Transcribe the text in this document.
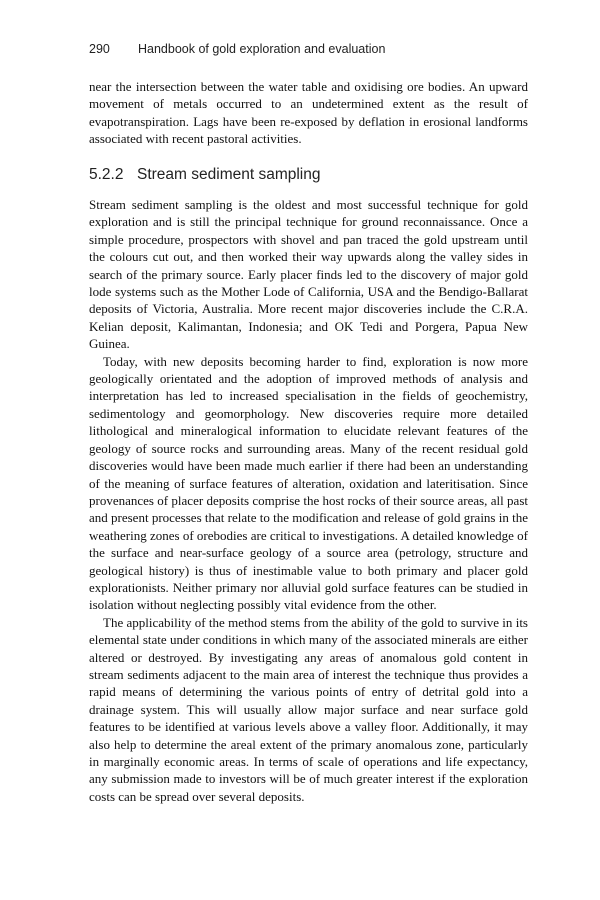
290 Handbook of gold exploration and evaluation
near the intersection between the water table and oxidising ore bodies. An upward movement of metals occurred to an undetermined extent as the result of evapotranspiration. Lags have been re-exposed by deflation in erosional landforms associated with recent pastoral activities.
5.2.2 Stream sediment sampling

Stream sediment sampling is the oldest and most successful technique for gold exploration and is still the principal technique for ground reconnaissance. Once a simple procedure, prospectors with shovel and pan traced the gold upstream until the colours cut out, and then worked their way upwards along the valley sides in search of the primary source. Early placer finds led to the discovery of major gold lode systems such as the Mother Lode of California, USA and the Bendigo-Ballarat deposits of Victoria, Australia. More recent major discoveries include the C.R.A. Kelian deposit, Kalimantan, Indonesia; and OK Tedi and Porgera, Papua New Guinea.

Today, with new deposits becoming harder to find, exploration is now more geologically orientated and the adoption of improved methods of analysis and interpretation has led to increased specialisation in the fields of geochemistry, sedimentology and geomorphology. New discoveries require more detailed lithological and mineralogical information to elucidate relevant features of the geology of source rocks and surrounding areas. Many of the recent residual gold discoveries would have been made much earlier if there had been an understanding of the meaning of surface features of alteration, oxidation and lateritisation. Since provenances of placer deposits comprise the host rocks of their source areas, all past and present processes that relate to the modification and release of gold grains in the weathering zones of orebodies are critical to investigations. A detailed knowledge of the surface and near-surface geology of a source area (petrology, structure and geological history) is thus of inestimable value to both primary and placer gold explorationists. Neither primary nor alluvial gold surface features can be studied in isolation without neglecting possibly vital evidence from the other.

The applicability of the method stems from the ability of the gold to survive in its elemental state under conditions in which many of the associated minerals are either altered or destroyed. By investigating any areas of anomalous gold content in stream sediments adjacent to the main area of interest the technique thus provides a rapid means of determining the various points of entry of detrital gold into a drainage system. This will usually allow major surface and near surface gold features to be identified at various levels above a valley floor. Additionally, it may also help to determine the areal extent of the primary anomalous zone, particularly in marginally economic areas. In terms of scale of operations and life expectancy, any submission made to investors will be of much greater interest if the exploration costs can be spread over several deposits.
